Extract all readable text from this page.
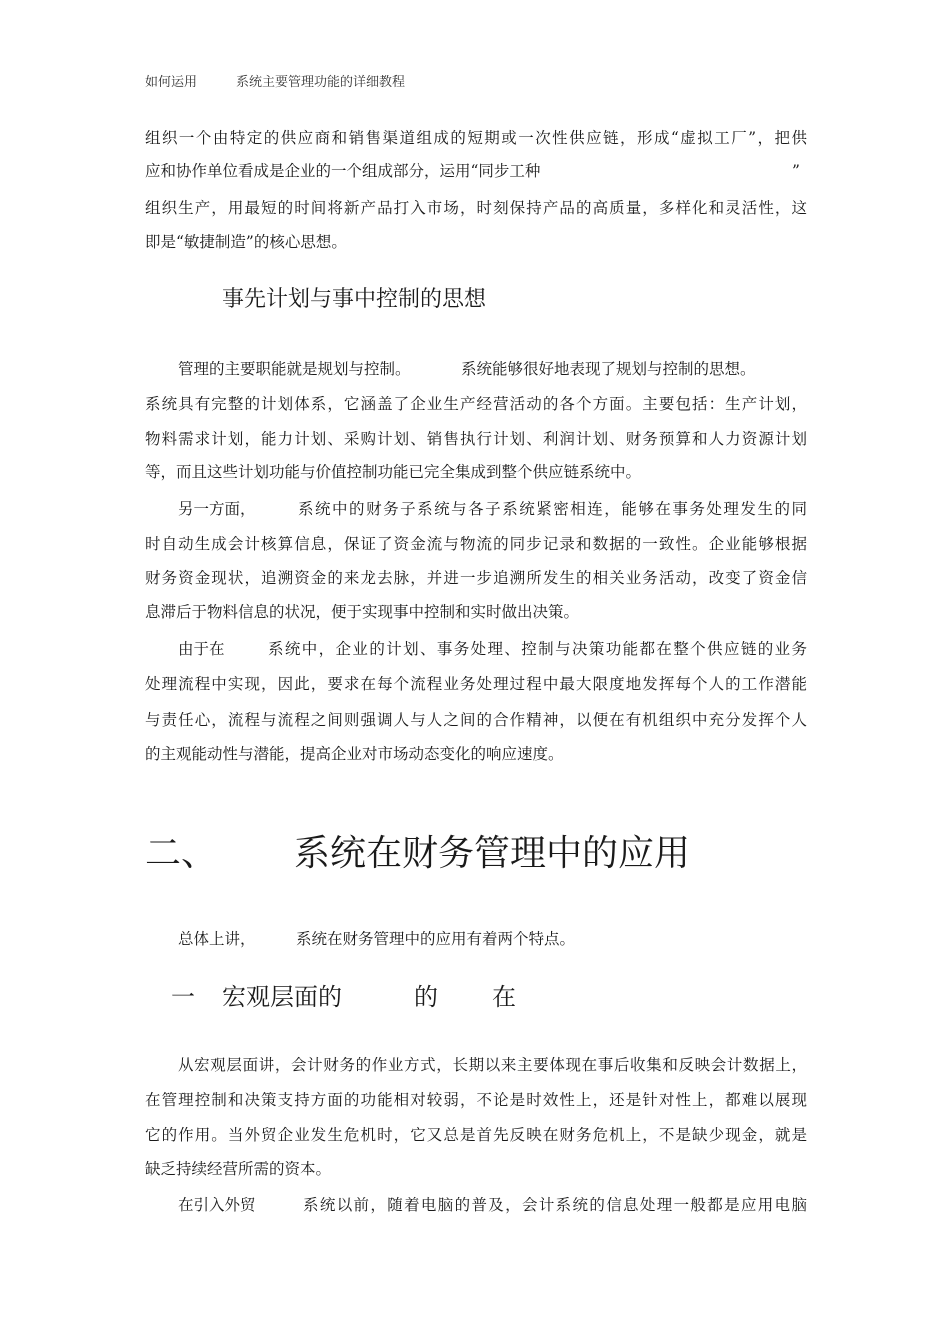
如何运用	系统主要管理功能的详细教程

组织一个由特定的供应商和销售渠道组成的短期或一次性供应链，形成“虚拟工厂”，把供

应和协作单位看成是企业的一个组成部分，运用“同步工种	”

组织生产，用最短的时间将新产品打入市场，时刻保持产品的高质量，多样化和灵活性，这

即是“敏捷制造”的核心思想。
事先计划与事中控制的思想
管理的主要职能就是规划与控制。	系统能够很好地表现了规划与控制的思想。

系统具有完整的计划体系，它涵盖了企业生产经营活动的各个方面。主要包括：生产计划，

物料需求计划，能力计划、采购计划、销售执行计划、利润计划、财务预算和人力资源计划

等，而且这些计划功能与价值控制功能已完全集成到整个供应链系统中。
另一方面，	系统中的财务子系统与各子系统紧密相连，能够在事务处理发生的同

时自动生成会计核算信息，保证了资金流与物流的同步记录和数据的一致性。企业能够根据

财务资金现状，追溯资金的来龙去脉，并进一步追溯所发生的相关业务活动，改变了资金信

息滞后于物料信息的状况，便于实现事中控制和实时做出决策。
由于在	系统中，企业的计划、事务处理、控制与决策功能都在整个供应链的业务

处理流程中实现，因此，要求在每个流程业务处理过程中最大限度地发挥每个人的工作潜能

与责任心，流程与流程之间则强调人与人之间的合作精神，以便在有机组织中充分发挥个人

的主观能动性与潜能，提高企业对市场动态变化的响应速度。
二、 系统在财务管理中的应用
总体上讲，	系统在财务管理中的应用有着两个特点。
一 宏观层面的	的 在
从宏观层面讲，会计财务的作业方式，长期以来主要体现在事后收集和反映会计数据上，

在管理控制和决策支持方面的功能相对较弱，不论是时效性上，还是针对性上，都难以展现

它的作用。当外贸企业发生危机时，它又总是首先反映在财务危机上，不是缺少现金，就是

缺乏持续经营所需的资本。
在引入外贸	系统以前，随着电脑的普及，会计系统的信息处理一般都是应用电脑
